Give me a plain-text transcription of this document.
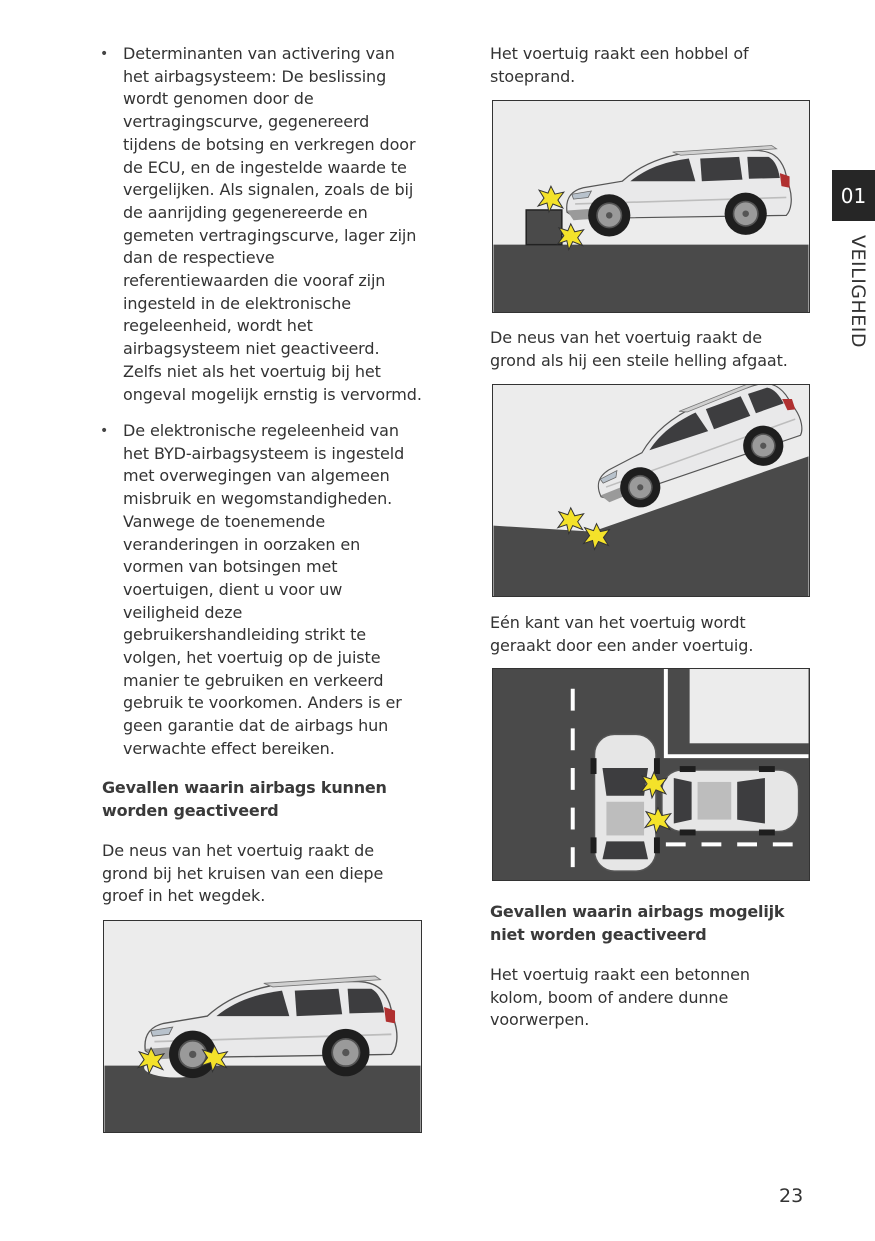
• Determinanten van activering van het airbagsysteem: De beslissing wordt genomen door de vertragingscurve, gegenereerd tijdens de botsing en verkregen door de ECU, en de ingestelde waarde te vergelijken. Als signalen, zoals de bij de aanrijding gegenereerde en gemeten vertragingscurve, lager zijn dan de respectieve referentiewaarden die vooraf zijn ingesteld in de elektronische regeleenheid, wordt het airbagsysteem niet geactiveerd. Zelfs niet als het voertuig bij het ongeval mogelijk ernstig is vervormd.

• De elektronische regeleenheid van het BYD-airbagsysteem is ingesteld met overwegingen van algemeen misbruik en wegomstandigheden. Vanwege de toenemende veranderingen in oorzaken en vormen van botsingen met voertuigen, dient u voor uw veiligheid deze gebruikershandleiding strikt te volgen, het voertuig op de juiste manier te gebruiken en verkeerd gebruik te voorkomen. Anders is er geen garantie dat de airbags hun verwachte effect bereiken.

Gevallen waarin airbags kunnen worden geactiveerd

De neus van het voertuig raakt de grond bij het kruisen van een diepe groef in het wegdek.

Het voertuig raakt een hobbel of stoeprand.

De neus van het voertuig raakt de grond als hij een steile helling afgaat.

Eén kant van het voertuig wordt geraakt door een ander voertuig.

Gevallen waarin airbags mogelijk niet worden geactiveerd

Het voertuig raakt een betonnen kolom, boom of andere dunne voorwerpen.

01
VEILIGHEID
23
